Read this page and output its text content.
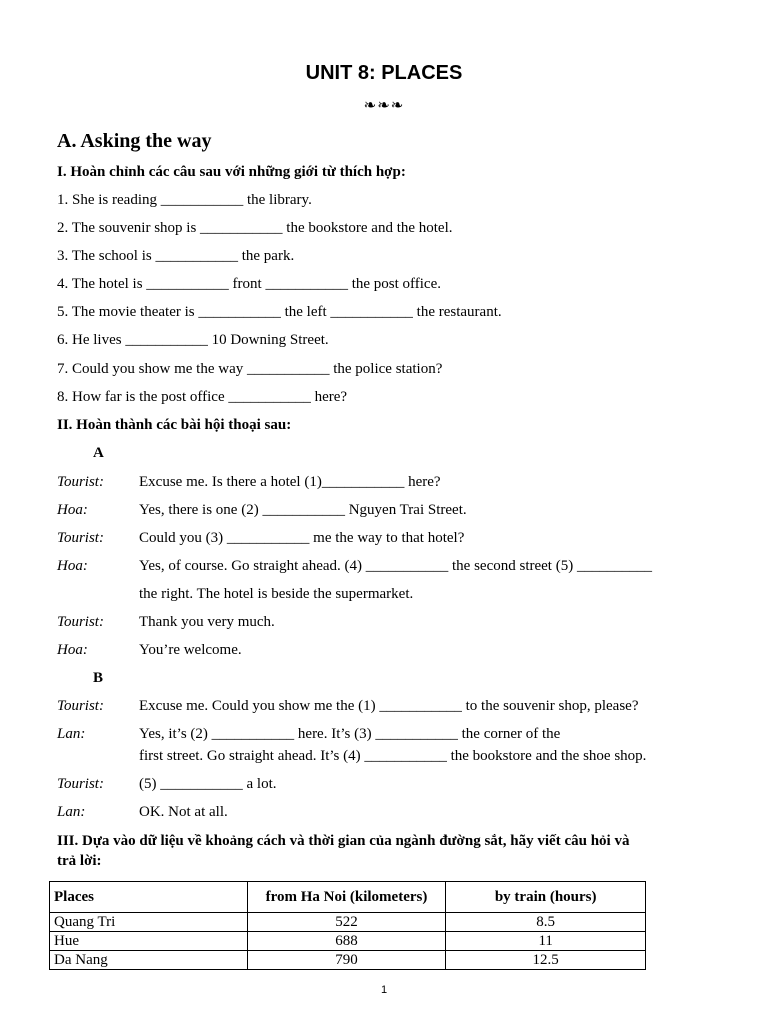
UNIT 8: PLACES
❧❧❧
A. Asking the way
I. Hoàn chỉnh các câu sau với những giới từ thích hợp:
1. She is reading ___________ the library.
2. The souvenir shop is ___________ the bookstore and the hotel.
3. The school is ___________ the park.
4. The hotel is ___________ front ___________ the post office.
5. The movie theater is ___________ the left ___________ the restaurant.
6. He lives ___________ 10 Downing Street.
7. Could you show me the way ___________ the police station?
8. How far is the post office ___________ here?
II. Hoàn thành các bài hội thoại sau:
A
Tourist: Excuse me. Is there a hotel (1)___________ here?
Hoa:	Yes, there is one (2) ___________ Nguyen Trai Street.
Tourist: Could you (3) ___________ me the way to that hotel?
Hoa:	Yes, of course. Go straight ahead. (4) ___________ the second street (5) __________
the right. The hotel is beside the supermarket.
Tourist: Thank you very much.
Hoa:	You’re welcome.
B
Tourist: Excuse me. Could you show me the (1) ___________ to the souvenir shop, please?
Lan:	Yes, it’s (2) ___________ here. It’s (3) ___________ the corner of the
first street. Go straight ahead. It’s (4) ___________ the bookstore and the shoe shop.
Tourist: (5) ___________ a lot.
Lan:	OK. Not at all.
III. Dựa vào dữ liệu về khoảng cách và thời gian của ngành đường sắt, hãy viết câu hỏi và
trả lời:
Places	from Ha Noi (kilometers)	by train (hours)
Quang Tri	522	8.5
Hue	688	11
Da Nang	790	12.5
1
